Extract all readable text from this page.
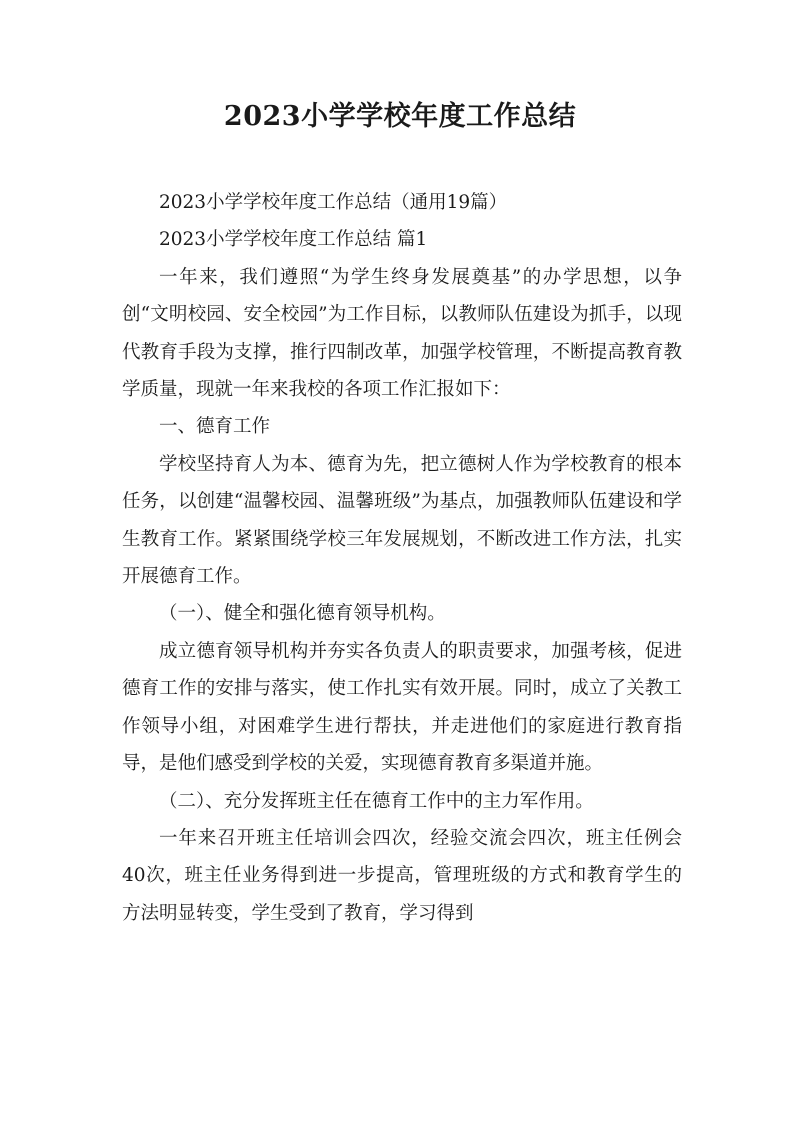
2023小学学校年度工作总结

2023小学学校年度工作总结（通用19篇）

2023小学学校年度工作总结 篇1

一年来，我们遵照“为学生终身发展奠基”的办学思想，以争创“文明校园、安全校园”为工作目标，以教师队伍建设为抓手，以现代教育手段为支撑，推行四制改革，加强学校管理，不断提高教育教学质量，现就一年来我校的各项工作汇报如下：

一、德育工作

学校坚持育人为本、德育为先，把立德树人作为学校教育的根本任务，以创建“温馨校园、温馨班级”为基点，加强教师队伍建设和学生教育工作。紧紧围绕学校三年发展规划，不断改进工作方法，扎实开展德育工作。

（一）、健全和强化德育领导机构。

成立德育领导机构并夯实各负责人的职责要求，加强考核，促进德育工作的安排与落实，使工作扎实有效开展。同时，成立了关教工作领导小组，对困难学生进行帮扶，并走进他们的家庭进行教育指导，是他们感受到学校的关爱，实现德育教育多渠道并施。

（二）、充分发挥班主任在德育工作中的主力军作用。

一年来召开班主任培训会四次，经验交流会四次，班主任例会40次，班主任业务得到进一步提高，管理班级的方式和教育学生的方法明显转变，学生受到了教育，学习得到
